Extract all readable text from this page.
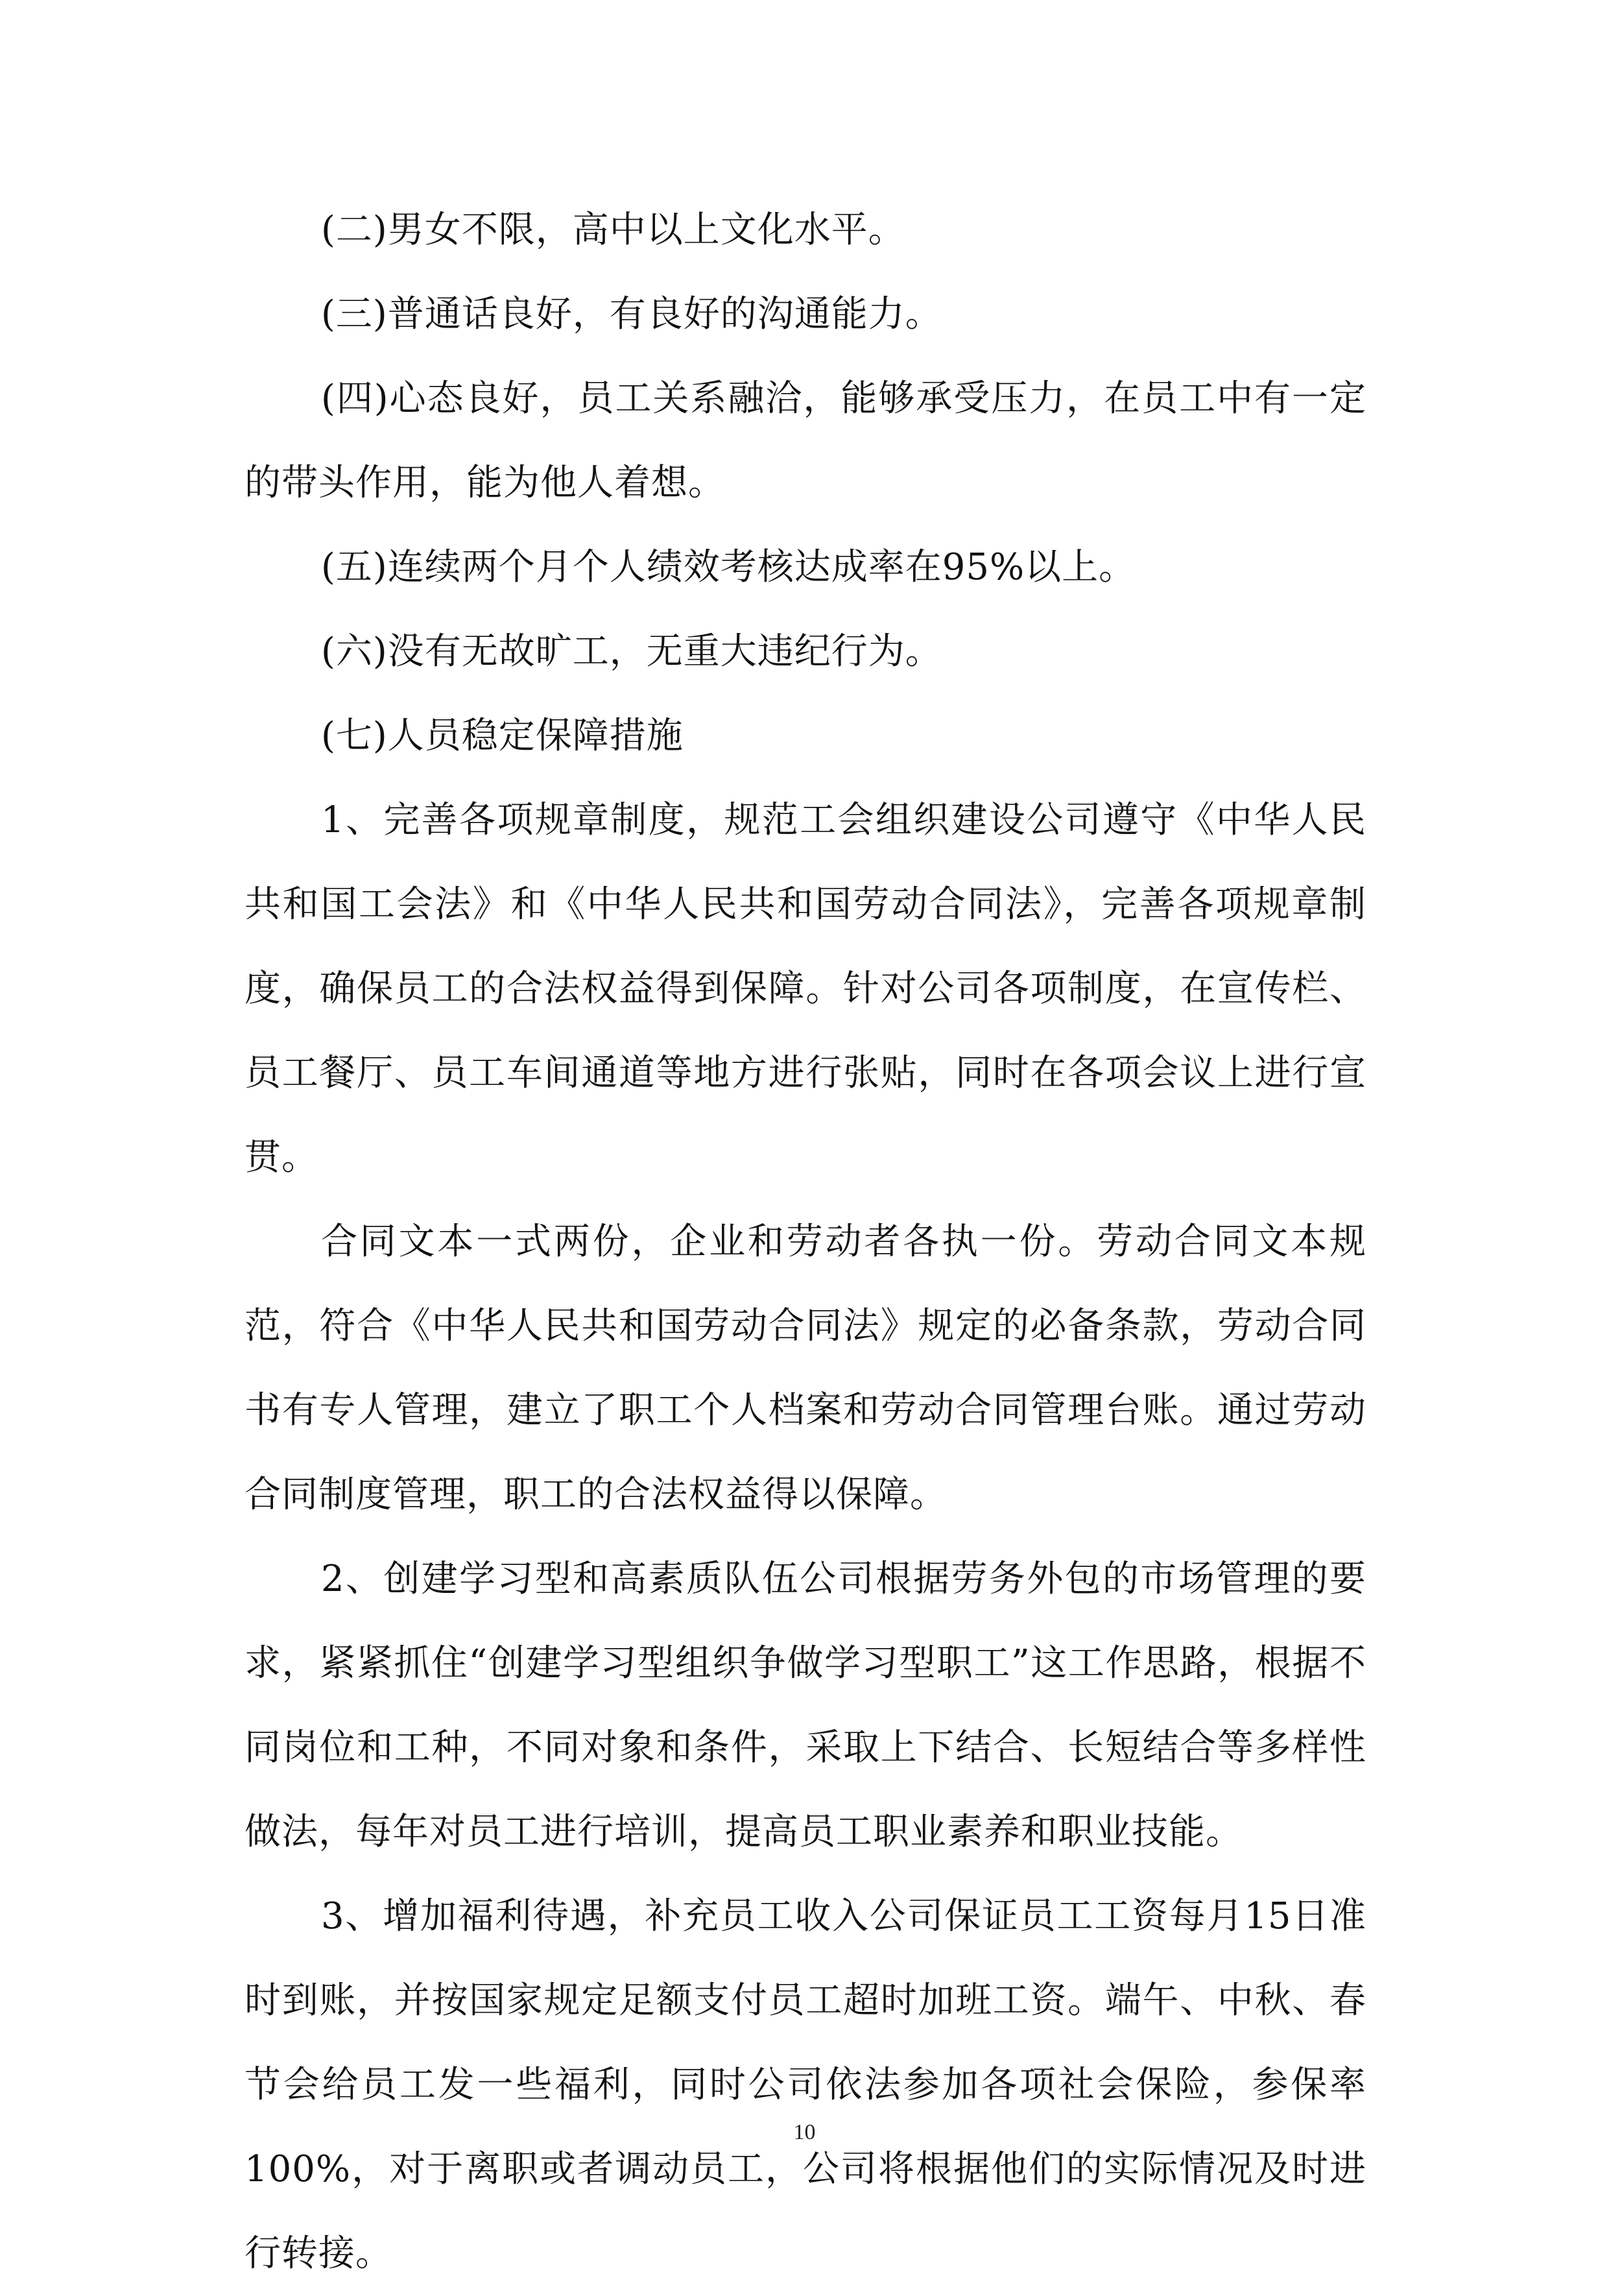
(二)男女不限，高中以上文化水平。

(三)普通话良好，有良好的沟通能力。

(四)心态良好，员工关系融洽，能够承受压力，在员工中有一定的带头作用，能为他人着想。

(五)连续两个月个人绩效考核达成率在95%以上。

(六)没有无故旷工，无重大违纪行为。

(七)人员稳定保障措施

1、完善各项规章制度，规范工会组织建设公司遵守《中华人民共和国工会法》和《中华人民共和国劳动合同法》，完善各项规章制度，确保员工的合法权益得到保障。针对公司各项制度，在宣传栏、员工餐厅、员工车间通道等地方进行张贴，同时在各项会议上进行宣贯。

合同文本一式两份，企业和劳动者各执一份。劳动合同文本规范，符合《中华人民共和国劳动合同法》规定的必备条款，劳动合同书有专人管理，建立了职工个人档案和劳动合同管理台账。通过劳动合同制度管理，职工的合法权益得以保障。

2、创建学习型和高素质队伍公司根据劳务外包的市场管理的要求，紧紧抓住“创建学习型组织争做学习型职工”这工作思路，根据不同岗位和工种，不同对象和条件，采取上下结合、长短结合等多样性做法，每年对员工进行培训，提高员工职业素养和职业技能。

3、增加福利待遇，补充员工收入公司保证员工工资每月15日准时到账，并按国家规定足额支付员工超时加班工资。端午、中秋、春节会给员工发一些福利，同时公司依法参加各项社会保险，参保率100%，对于离职或者调动员工，公司将根据他们的实际情况及时进行转接。

10
